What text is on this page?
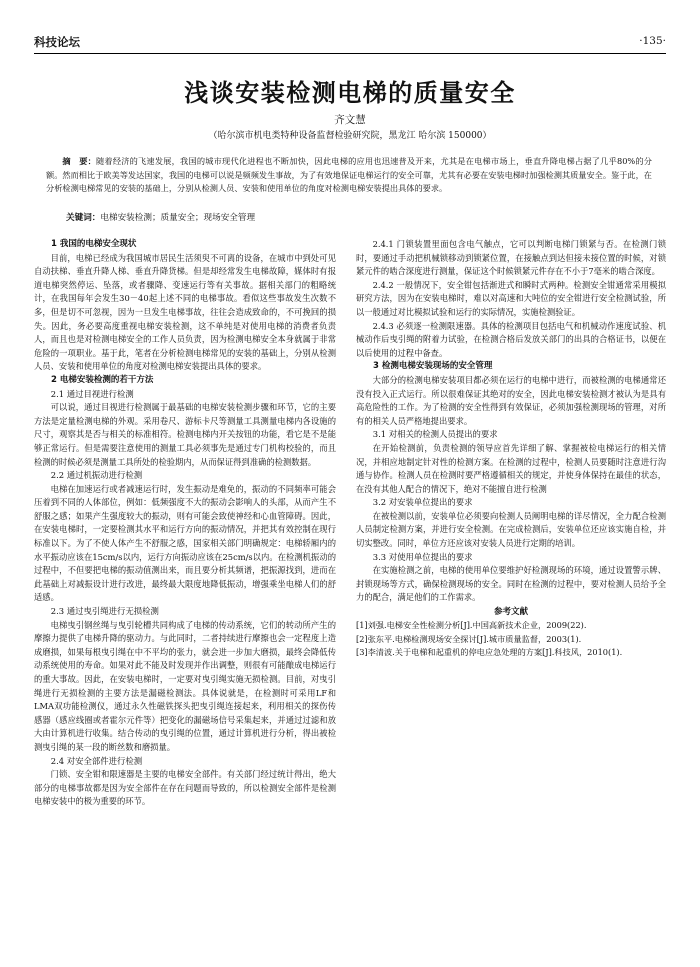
科技论坛	·135·
浅谈安装检测电梯的质量安全
齐文慧
（哈尔滨市机电类特种设备监督检验研究院，黑龙江 哈尔滨 150000）
摘　要：随着经济的飞速发展，我国的城市现代化进程也不断加快，因此电梯的应用也迅速普及开来，尤其是在电梯市场上，垂直升降电梯占据了几乎80%的分额。然而相比于欧美等发达国家，我国的电梯可以说是频频发生事故，为了有效地保证电梯运行的安全可靠，尤其有必要在安装电梯时加强检测其质量安全。鉴于此，在分析检测电梯常见的安装的基础上，分别从检测人员、安装和使用单位的角度对检测电梯安装提出具体的要求。
关键词：电梯安装检测；质量安全；现场安全管理
1 我国的电梯安全现状

目前，电梯已经成为我国城市居民生活须臾不可离的设备，在城市中到处可见自动扶梯、垂直升降人梯、垂直升降货梯。但是却经常发生电梯故障，媒体时有报道电梯突然停运、坠落，或者骤降、变速运行等有关事故。据相关部门的粗略统计，在我国每年会发生30－40起上述不同的电梯事故。看似这些事故发生次数不多，但是切不可忽视，因为一旦发生电梯事故，往往会造成致命的，不可挽回的损失。因此，务必要高度重视电梯安装检测，这不单纯是对使用电梯的消费者负责人，而且也是对检测电梯安全的工作人员负责，因为检测电梯安全本身就属于非常危险的一项职业。基于此，笔者在分析检测电梯常见的安装的基础上，分别从检测人员、安装和使用单位的角度对检测电梯安装提出具体的要求。

2 电梯安装检测的若干方法
2.1 通过目视进行检测

可以说，通过目视进行检测属于最基础的电梯安装检测步骤和环节，它的主要方法是定量检测电梯的外观。采用卷尺、游标卡尺等测量工具测量电梯内各设施的尺寸，观察其是否与相关的标准相符。检测电梯内开关按钮的功能，看它是不是能够正常运行。但是需要注意使用的测量工具必须事先是通过专门机构校验的，而且检测的时候必须是测量工具所处的检验期内，从而保证得到准确的检测数据。

2.2 通过机振动进行检测

电梯在加速运行或者减速运行时，发生振动是难免的，振动的不同频率可能会压着到不同的人体部位，例如：低频强度不大的振动会影响人的头部，从而产生不舒服之感；如果产生强度较大的振动，则有可能会致使神经和心血管障碍。因此，在安装电梯时，一定要检测其水平和运行方向的振动情况，并把其有效控制在现行标准以下。为了不使人体产生不舒服之感，国家相关部门明确规定：电梯轿厢内的水平振动应该在15cm/s以内，运行方向振动应该在25cm/s以内。在检测机振动的过程中，不但要把电梯的振动值测出来，而且要分析其频谱，把振源找到，进而在此基础上对减振设计进行改进，最终最大限度地降低振动，增强乘坐电梯人们的舒适感。

2.3 通过曳引绳进行无损检测

电梯曳引钢丝绳与曳引轮槽共同构成了电梯的传动系统，它们的转动所产生的摩擦力提供了电梯升降的驱动力。与此同时，二者持续进行摩擦也会一定程度上造成磨损，如果每根曳引绳在中不平均的张力，就会进一步加大磨损，最终会降低传动系统使用的寿命。如果对此不能及时发现并作出调整，则很有可能酿成电梯运行的重大事故。因此，在安装电梯时，一定要对曳引绳实施无损检测。目前，对曳引绳进行无损检测的主要方法是漏磁检测法。具体说就是，在检测时可采用LF和LMA双功能检测仪，通过永久性磁铁探头把曳引绳连接起来，利用相关的探伤传感器（感应线圈或者霍尔元件等）把变化的漏磁场信号采集起来，并通过过滤和放大由计算机进行收集。结合传动的曳引绳的位置，通过计算机进行分析，得出被检测曳引绳的某一段的断丝数和磨损量。

2.4 对安全部件进行检测

门锁、安全钳和限速器是主要的电梯安全部件。有关部门经过统计得出，绝大部分的电梯事故都是因为安全部件在存在问题而导致的，所以检测安全部件是检测电梯安装中的极为重要的环节。

2.4.1 门锁装置里面包含电气触点，它可以判断电梯门锁紧与否。在检测门锁时，要通过手动把机械锁移动到锁紧位置，在接触点到达但接未接位置的时候，对锁紧元件的啮合深度进行测量，保证这个时候锁紧元件存在不小于7毫米的啮合深度。

2.4.2 一般情况下，安全钳包括渐进式和瞬时式两种。检测安全钳通常采用模拟研究方法，因为在安装电梯时，难以对高速和大吨位的安全钳进行安全检测试验，所以一般通过对比模拟试验和运行的实际情况，实施检测验证。

2.4.3 必须逐一检测限速器。具体的检测项目包括电气和机械动作速度试验、机械动作后曳引绳的附着力试验，在检测合格后发放关部门的出具的合格证书，以便在以后使用的过程中备查。

3 检测电梯安装现场的安全管理

大部分的检测电梯安装项目都必须在运行的电梯中进行，而被检测的电梯通常还没有投入正式运行。所以很难保证其绝对的安全，因此电梯安装检测才被认为是具有高危险性的工作。为了检测的安全性得到有效保证，必须加强检测现场的管理，对所有的相关人员严格地提出要求。

3.1 对相关的检测人员提出的要求

在开始检测前，负责检测的领导应首先详细了解、掌握被检电梯运行的相关情况，并相应地制定针对性的检测方案。在检测的过程中，检测人员要随时注意进行沟通与协作。检测人员在检测时要严格遵循相关的规定，并使身体保持在最佳的状态，在没有其他人配合的情况下，绝对不能擅自进行检测

3.2 对安装单位提出的要求

在被检测以前，安装单位必须要向检测人员阐明电梯的详尽情况，全力配合检测人员制定检测方案，并进行安全检测。在完成检测后，安装单位还应该实施自检，并切实整改。同时，单位方还应该对安装人员进行定期的培训。

3.3 对使用单位提出的要求

在实施检测之前，电梯的使用单位要维护好检测现场的环境，通过设置警示牌、封锁现场等方式，确保检测现场的安全。同时在检测的过程中，要对检测人员给予全力的配合，满足他们的工作需求。

参考文献

[1]刘强.电梯安全性检测分析[J].中国高新技术企业，2009(22).

[2]张东平.电梯检测现场安全探讨[J].城市质量监督，2003(1).

[3]李清波.关于电梯和起重机的停电应急处理的方案[J].科技风，2010(1).
